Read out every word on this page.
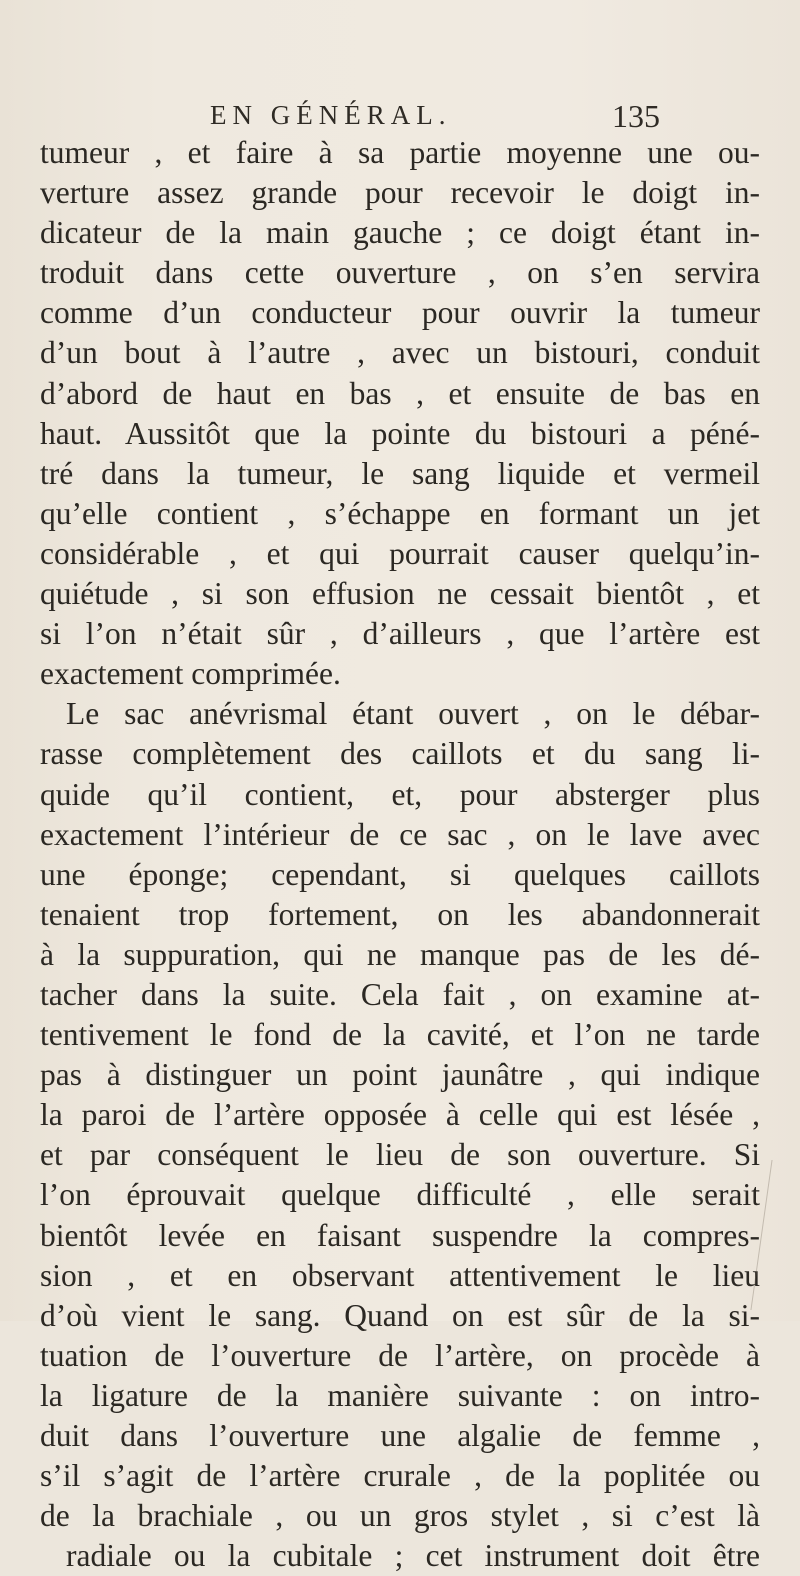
EN GÉNÉRAL.	135
tumeur , et faire à sa partie moyenne une ou-
verture assez grande pour recevoir le doigt in-
dicateur de la main gauche ; ce doigt étant in-
troduit dans cette ouverture , on s’en servira
comme d’un conducteur pour ouvrir la tumeur
d’un bout à l’autre , avec un bistouri, conduit
d’abord de haut en bas , et ensuite de bas en
haut. Aussitôt que la pointe du bistouri a péné-
tré dans la tumeur, le sang liquide et vermeil
qu’elle contient , s’échappe en formant un jet
considérable , et qui pourrait causer quelqu’in-
quiétude , si son effusion ne cessait bientôt , et
si l’on n’était sûr , d’ailleurs , que l’artère est
exactement comprimée.
Le sac anévrismal étant ouvert , on le débar-
rasse complètement des caillots et du sang li-
quide qu’il contient, et, pour absterger plus
exactement l’intérieur de ce sac , on le lave avec
une éponge; cependant, si quelques caillots
tenaient trop fortement, on les abandonnerait
à la suppuration, qui ne manque pas de les dé-
tacher dans la suite. Cela fait , on examine at-
tentivement le fond de la cavité, et l’on ne tarde
pas à distinguer un point jaunâtre , qui indique
la paroi de l’artère opposée à celle qui est lésée ,
et par conséquent le lieu de son ouverture. Si
l’on éprouvait quelque difficulté , elle serait
bientôt levée en faisant suspendre la compres-
sion , et en observant attentivement le lieu
d’où vient le sang. Quand on est sûr de la si-
tuation de l’ouverture de l’artère, on procède à
la ligature de la manière suivante : on intro-
duit dans l’ouverture une algalie de femme ,
s’il s’agit de l’artère crurale , de la poplitée ou
de la brachiale , ou un gros stylet , si c’est là
radiale ou la cubitale ; cet instrument doit être
